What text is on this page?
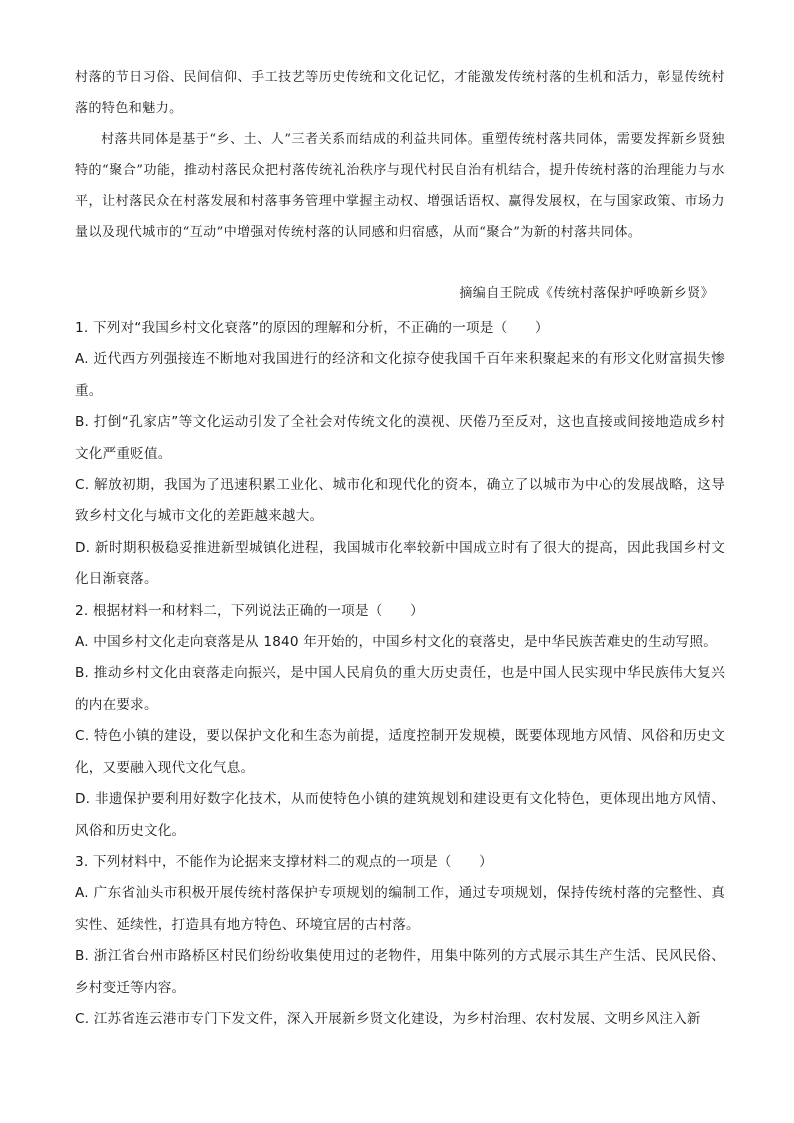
村落的节日习俗、民间信仰、手工技艺等历史传统和文化记忆，才能激发传统村落的生机和活力，彰显传统村落的特色和魅力。

村落共同体是基于“乡、土、人”三者关系而结成的利益共同体。重塑传统村落共同体，需要发挥新乡贤独特的“聚合”功能，推动村落民众把村落传统礼治秩序与现代村民自治有机结合，提升传统村落的治理能力与水平，让村落民众在村落发展和村落事务管理中掌握主动权、增强话语权、赢得发展权，在与国家政策、市场力量以及现代城市的“互动”中增强对传统村落的认同感和归宿感，从而“聚合”为新的村落共同体。

摘编自王院成《传统村落保护呼唤新乡贤》

1. 下列对“我国乡村文化衰落”的原因的理解和分析，不正确的一项是（　　）

A. 近代西方列强接连不断地对我国进行的经济和文化掠夺使我国千百年来积聚起来的有形文化财富损失惨重。

B. 打倒“孔家店”等文化运动引发了全社会对传统文化的漠视、厌倦乃至反对，这也直接或间接地造成乡村文化严重贬值。

C. 解放初期，我国为了迅速积累工业化、城市化和现代化的资本，确立了以城市为中心的发展战略，这导致乡村文化与城市文化的差距越来越大。

D. 新时期积极稳妥推进新型城镇化进程，我国城市化率较新中国成立时有了很大的提高，因此我国乡村文化日渐衰落。

2. 根据材料一和材料二，下列说法正确的一项是（　　）

A. 中国乡村文化走向衰落是从 1840 年开始的，中国乡村文化的衰落史，是中华民族苦难史的生动写照。

B. 推动乡村文化由衰落走向振兴，是中国人民肩负的重大历史责任，也是中国人民实现中华民族伟大复兴的内在要求。

C. 特色小镇的建设，要以保护文化和生态为前提，适度控制开发规模，既要体现地方风情、风俗和历史文化，又要融入现代文化气息。

D. 非遗保护要利用好数字化技术，从而使特色小镇的建筑规划和建设更有文化特色，更体现出地方风情、风俗和历史文化。

3. 下列材料中，不能作为论据来支撑材料二的观点的一项是（　　）

A. 广东省汕头市积极开展传统村落保护专项规划的编制工作，通过专项规划，保持传统村落的完整性、真实性、延续性，打造具有地方特色、环境宜居的古村落。

B. 浙江省台州市路桥区村民们纷纷收集使用过的老物件，用集中陈列的方式展示其生产生活、民风民俗、乡村变迁等内容。

C. 江苏省连云港市专门下发文件，深入开展新乡贤文化建设，为乡村治理、农村发展、文明乡风注入新
